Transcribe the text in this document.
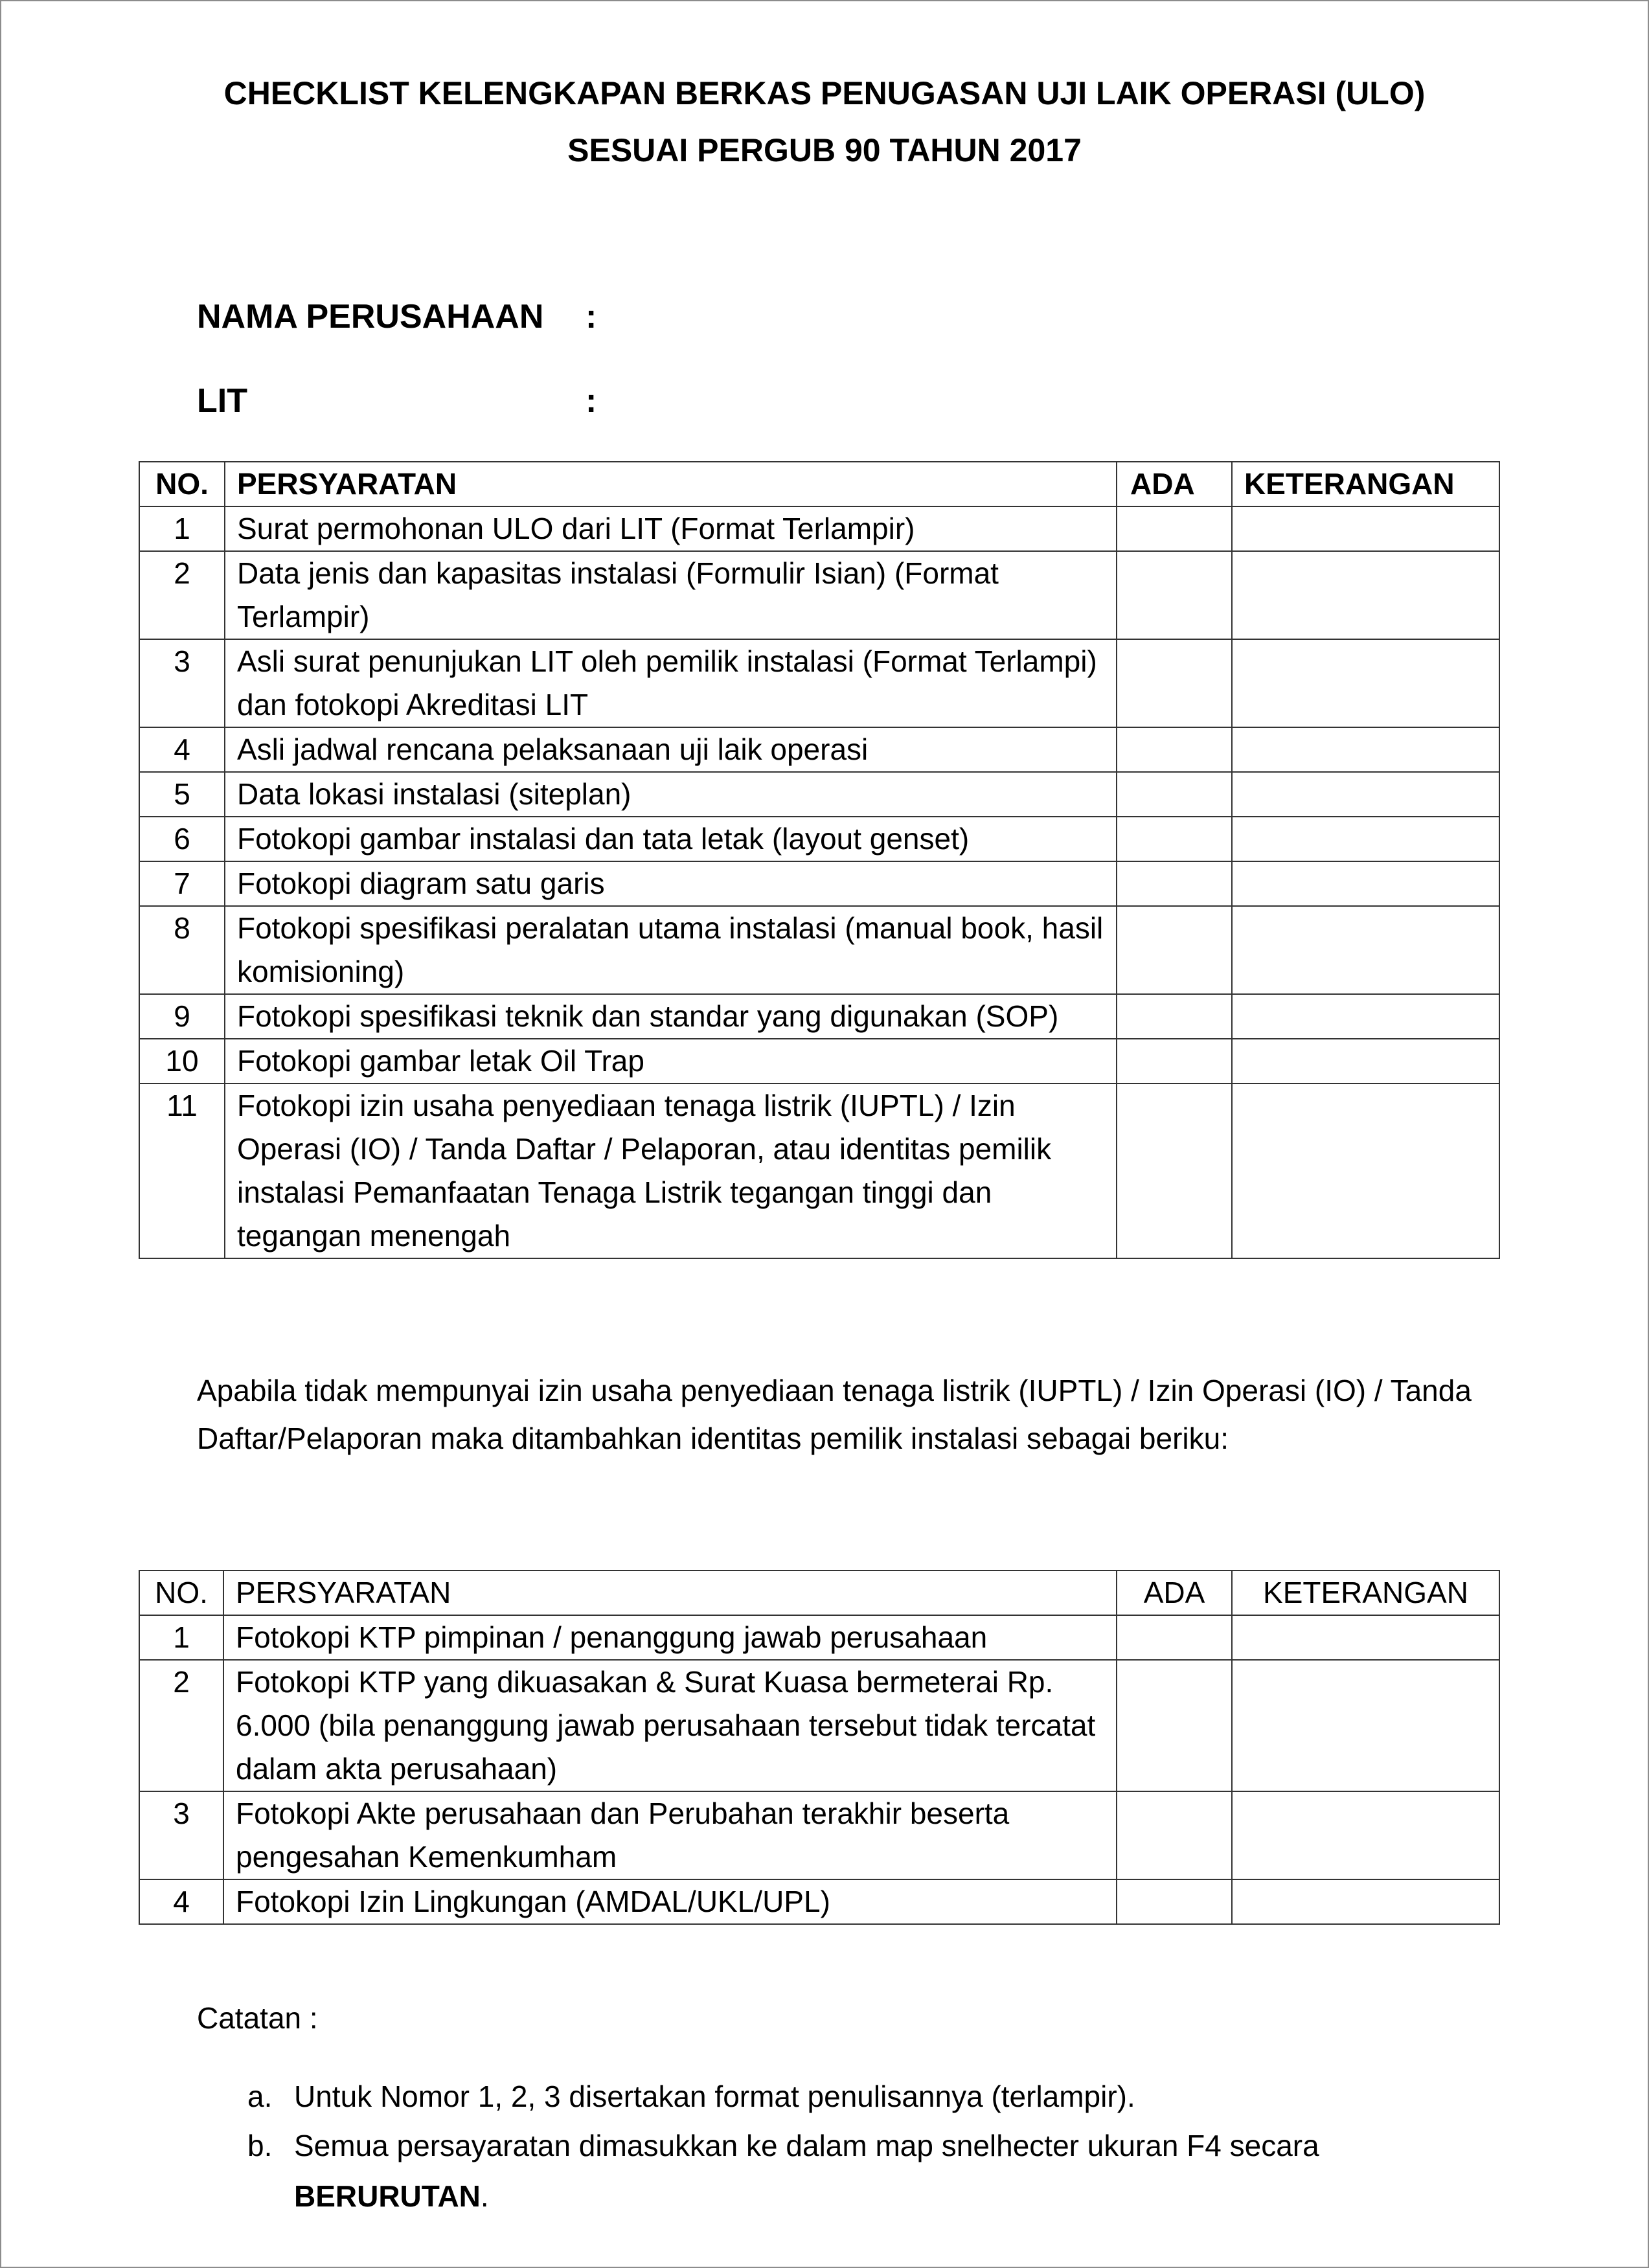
CHECKLIST KELENGKAPAN BERKAS PENUGASAN UJI LAIK OPERASI (ULO)
SESUAI PERGUB 90 TAHUN 2017
NAMA PERUSAHAAN :
LIT	:
NO.	PERSYARATAN	ADA	KETERANGAN
1	Surat permohonan ULO dari LIT (Format Terlampir)		
2	Data jenis dan kapasitas instalasi (Formulir Isian) (Format Terlampir)		
3	Asli surat penunjukan LIT oleh pemilik instalasi (Format Terlampi) dan fotokopi Akreditasi LIT		
4	Asli jadwal rencana pelaksanaan uji laik operasi		
5	Data lokasi instalasi (siteplan)		
6	Fotokopi gambar instalasi dan tata letak (layout genset)		
7	Fotokopi diagram satu garis		
8	Fotokopi spesifikasi peralatan utama instalasi (manual book, hasil komisioning)		
9	Fotokopi spesifikasi teknik dan standar yang digunakan (SOP)		
10	Fotokopi gambar letak Oil Trap		
11	Fotokopi izin usaha penyediaan tenaga listrik (IUPTL) / Izin Operasi (IO) / Tanda Daftar / Pelaporan, atau identitas pemilik instalasi Pemanfaatan Tenaga Listrik tegangan tinggi dan tegangan menengah		
Apabila tidak mempunyai izin usaha penyediaan tenaga listrik (IUPTL) / Izin Operasi (IO) / Tanda Daftar/Pelaporan maka ditambahkan identitas pemilik instalasi sebagai beriku:
NO.	PERSYARATAN	ADA	KETERANGAN
1	Fotokopi KTP pimpinan / penanggung jawab perusahaan		
2	Fotokopi KTP yang dikuasakan & Surat Kuasa bermeterai Rp. 6.000 (bila penanggung jawab perusahaan tersebut tidak tercatat dalam akta perusahaan)		
3	Fotokopi Akte perusahaan dan Perubahan terakhir beserta pengesahan Kemenkumham		
4	Fotokopi Izin Lingkungan (AMDAL/UKL/UPL)		
Catatan :
a. Untuk Nomor 1, 2, 3 disertakan format penulisannya (terlampir).
b. Semua persayaratan dimasukkan ke dalam map snelhecter ukuran F4 secara BERURUTAN.
